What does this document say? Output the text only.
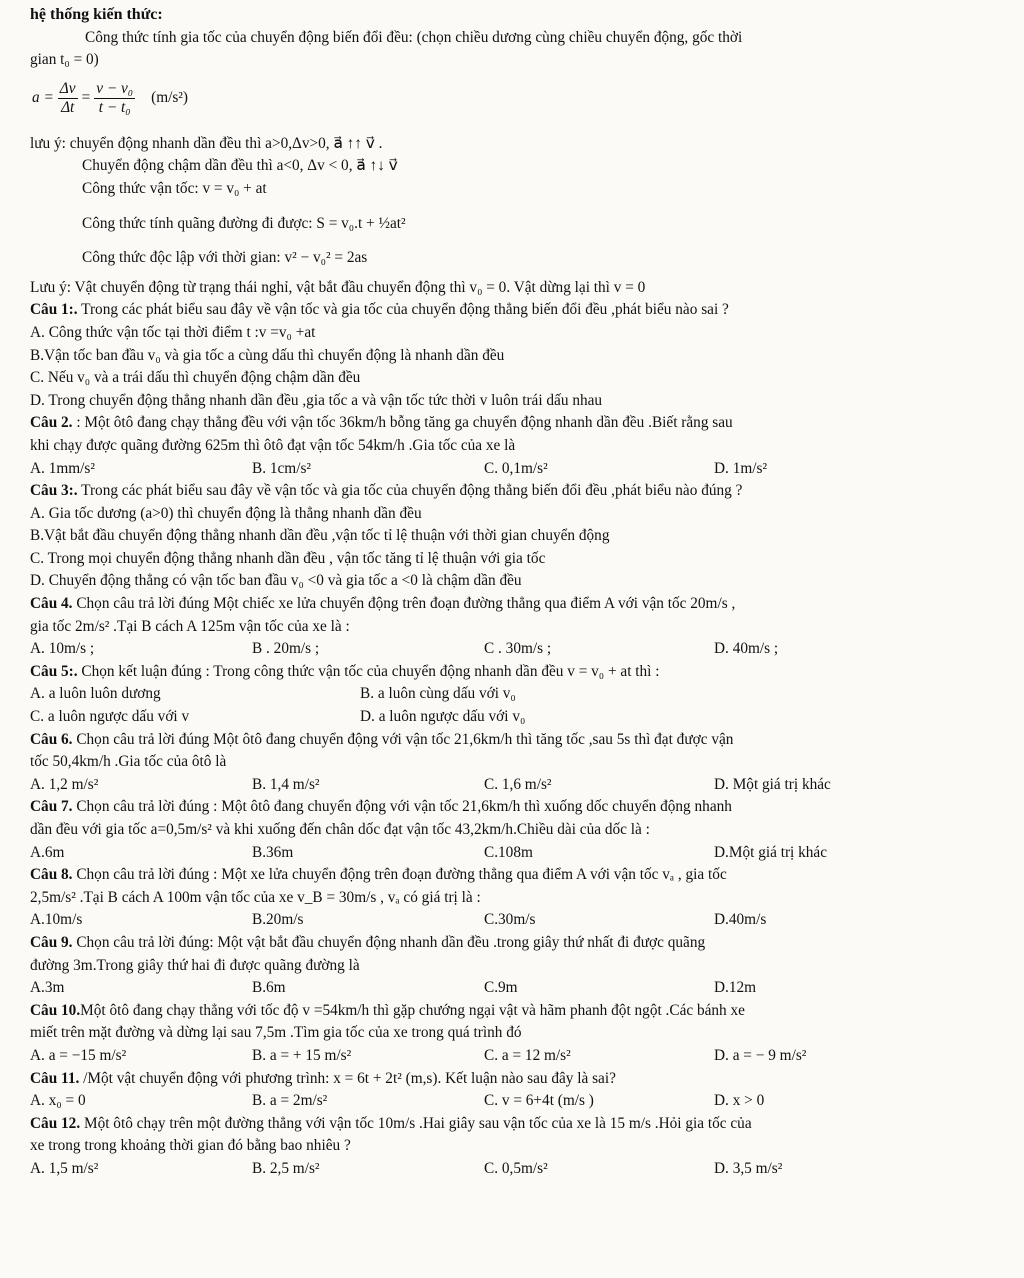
hệ thống kiến thức:
Công thức tính gia tốc của chuyển động biến đổi đều: (chọn chiều dương cùng chiều chuyển động, gốc thời
gian t₀ = 0)
$a = \frac{\Delta v}{\Delta t} = \frac{\text{v − v₀}}{\text{t − t₀}} (m/s^2)$
lưu ý: chuyển động nhanh dần đều thì a>0,Δv>0, a⃗ ↑↑ v⃗ .
Chuyển động chậm dần đều thì a<0, Δv < 0, a⃗ ↑↓ v⃗
Công thức vận tốc: v = v₀ + at
Công thức tính quãng đường đi được: S = v₀.t + ½at²
Công thức độc lập với thời gian: v² − v₀² = 2as
Lưu ý: Vật chuyển động từ trạng thái nghỉ, vật bắt đầu chuyển động thì v₀ = 0. Vật dừng lại thì v = 0
Câu 1:. Trong các phát biểu sau đây về vận tốc và gia tốc của chuyển động thẳng biến đổi đều ,phát biểu nào sai ?
A. Công thức vận tốc tại thời điểm t :v =v₀ +at
B.Vận tốc ban đầu v₀ và gia tốc a cùng dấu thì chuyển động là nhanh dần đều
C. Nếu v₀ và a trái dấu thì chuyển động chậm dần đều
D. Trong chuyển động thẳng nhanh dần đều ,gia tốc a và vận tốc tức thời v luôn trái dấu nhau
Câu 2. : Một ôtô đang chạy thẳng đều với vận tốc 36km/h bỗng tăng ga chuyển động nhanh dần đều .Biết rằng sau
khi chạy được quãng đường 625m thì ôtô đạt vận tốc 54km/h .Gia tốc của xe là
A. 1mm/s²	B. 1cm/s²	C. 0,1m/s²	D. 1m/s²
Câu 3:. Trong các phát biểu sau đây về vận tốc và gia tốc của chuyển động thẳng biến đổi đều ,phát biểu nào đúng ?
A. Gia tốc dương (a>0) thì chuyển động là thẳng nhanh dần đều
B.Vật bắt đầu chuyển động thẳng nhanh dần đều ,vận tốc tỉ lệ thuận với thời gian chuyển động
C. Trong mọi chuyển động thẳng nhanh dần đều , vận tốc tăng tỉ lệ thuận với gia tốc
D. Chuyển động thẳng có vận tốc ban đầu v₀ <0 và gia tốc a <0 là chậm dần đều
Câu 4. Chọn câu trả lời đúng Một chiếc xe lửa chuyển động trên đoạn đường thẳng qua điểm A với vận tốc 20m/s ,
gia tốc 2m/s² .Tại B cách A 125m vận tốc của xe là :
A. 10m/s ;	B . 20m/s ;	C . 30m/s ;	D. 40m/s ;
Câu 5:. Chọn kết luận đúng : Trong công thức vận tốc của chuyển động nhanh dần đều v = v₀ + at thì :
A. a luôn luôn dương	B. a luôn cùng dấu với v₀
C. a luôn ngược dấu với v	D. a luôn ngược dấu với v₀
Câu 6. Chọn câu trả lời đúng Một ôtô đang chuyển động với vận tốc 21,6km/h thì tăng tốc ,sau 5s thì đạt được vận
tốc 50,4km/h .Gia tốc của ôtô là
A. 1,2 m/s²	B. 1,4 m/s²	C. 1,6 m/s²	D. Một giá trị khác
Câu 7. Chọn câu trả lời đúng : Một ôtô đang chuyển động với vận tốc 21,6km/h thì xuống dốc chuyển động nhanh
dần đều với gia tốc a=0,5m/s² và khi xuống đến chân dốc đạt vận tốc 43,2km/h.Chiều dài của dốc là :
A.6m	B.36m	C.108m	D.Một giá trị khác
Câu 8. Chọn câu trả lời đúng : Một xe lửa chuyển động trên đoạn đường thẳng qua điểm A với vận tốc vₐ , gia tốc
2,5m/s² .Tại B cách A 100m vận tốc của xe v_B = 30m/s , vₐ có giá trị là :
A.10m/s	B.20m/s	C.30m/s	D.40m/s
Câu 9. Chọn câu trả lời đúng: Một vật bắt đầu chuyển động nhanh dần đều .trong giây thứ nhất đi được quãng
đường 3m.Trong giây thứ hai đi được quãng đường là
A.3m	B.6m	C.9m	D.12m
Câu 10.Một ôtô đang chạy thẳng với tốc độ v =54km/h thì gặp chướng ngại vật và hãm phanh đột ngột .Các bánh xe
miết trên mặt đường và dừng lại sau 7,5m .Tìm gia tốc của xe trong quá trình đó
A. a = −15 m/s²	B. a = + 15 m/s²	C. a = 12 m/s²	D. a = − 9 m/s²
Câu 11. /Một vật chuyển động với phương trình: x = 6t + 2t² (m,s). Kết luận nào sau đây là sai?
A. x₀ = 0	B. a = 2m/s²	C. v = 6+4t (m/s )	D. x > 0
Câu 12. Một ôtô chạy trên một đường thẳng với vận tốc 10m/s .Hai giây sau vận tốc của xe là 15 m/s .Hỏi gia tốc của
xe trong trong khoảng thời gian đó bằng bao nhiêu ?
A. 1,5 m/s²	B. 2,5 m/s²	C. 0,5m/s²	D. 3,5 m/s²
